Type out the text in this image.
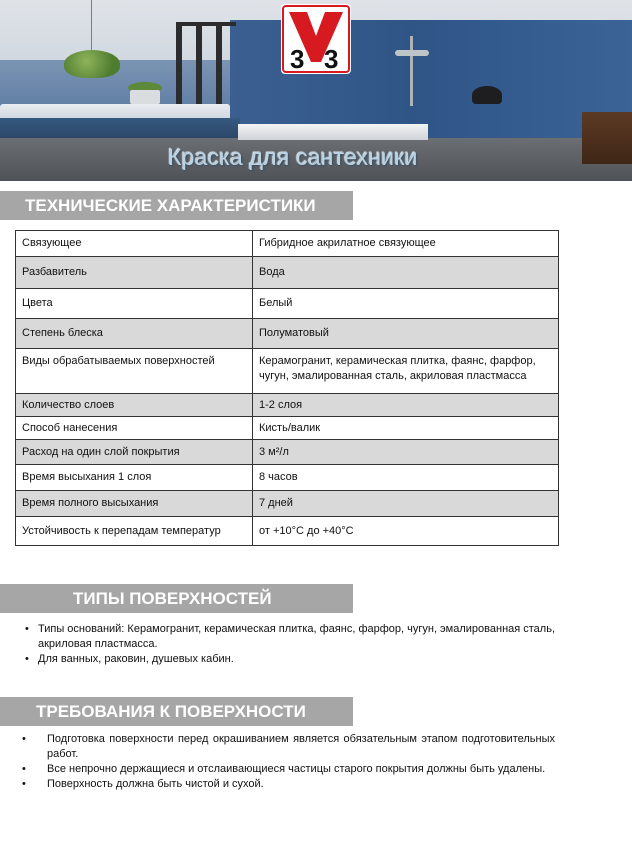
3 3
Краска для сантехники
ТЕХНИЧЕСКИЕ ХАРАКТЕРИСТИКИ
Связующее	Гибридное акрилатное связующее
Разбавитель	Вода
Цвета	Белый
Степень блеска	Полуматовый
Виды обрабатываемых поверхностей	Керамогранит, керамическая плитка, фаянс, фарфор, чугун, эмалированная сталь, акриловая пластмасса
Количество слоев	1-2 слоя
Способ нанесения	Кисть/валик
Расход на один слой покрытия	3 м²/л
Время высыхания 1 слоя	8 часов
Время полного высыхания	7 дней
Устойчивость к перепадам температур	от +10°С до +40°С
ТИПЫ ПОВЕРХНОСТЕЙ
• Типы оснований: Керамогранит, керамическая плитка, фаянс, фарфор, чугун, эмалированная сталь, акриловая пластмасса.
• Для ванных, раковин, душевых кабин.
ТРЕБОВАНИЯ К ПОВЕРХНОСТИ
•	Подготовка поверхности перед окрашиванием является обязательным этапом подготовительных работ.
•	Все непрочно держащиеся и отслаивающиеся частицы старого покрытия должны быть удалены.
•	Поверхность должна быть чистой и сухой.
